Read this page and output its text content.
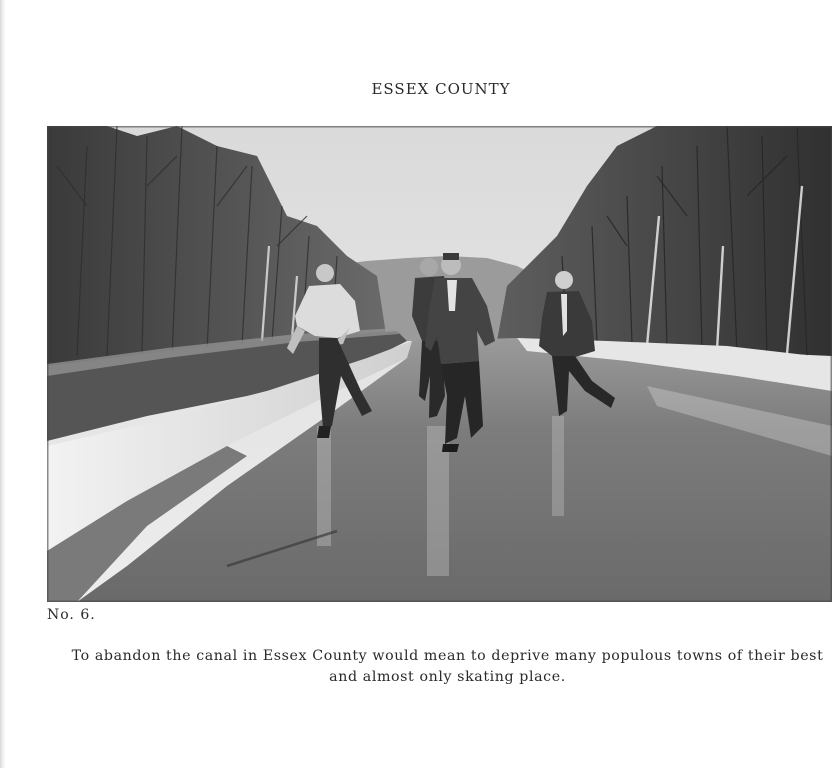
ESSEX COUNTY
No. 6.
To abandon the canal in Essex County would mean to deprive many populous towns of their best and almost only skating place.
